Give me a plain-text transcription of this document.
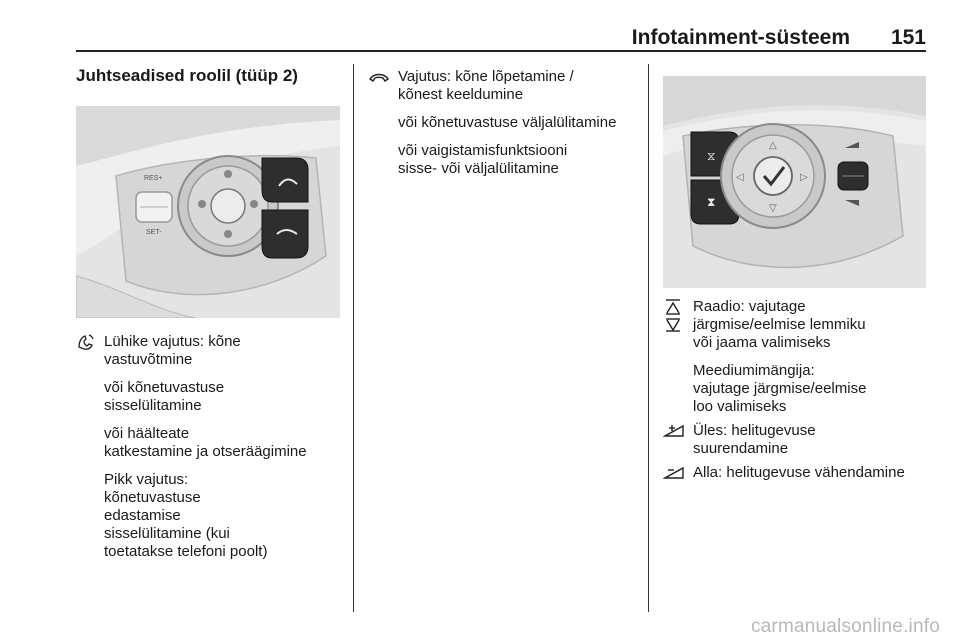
Infotainment-süsteem	151
Juhtseadised roolil (tüüp 2)
RES+
SET-

Lühike vajutus: kõne
vastuvõtmine

või kõnetuvastuse
sisselülitamine

või häälteate
katkestamine ja otseräägimine

Pikk vajutus:
kõnetuvastuse
edastamise
sisselülitamine (kui
toetatakse telefoni poolt)

Vajutus: kõne lõpetamine /
kõnest keeldumine

või kõnetuvastuse väljalülitamine

või vaigistamisfunktsiooni
sisse- või väljalülitamine

⧖
⧗
△
▽
◁	▷

Raadio: vajutage
järgmise/eelmise lemmiku
või jaama valimiseks

Meediumimängija:
vajutage järgmise/eelmise
loo valimiseks

Üles: helitugevuse
suurendamine

Alla: helitugevuse vähendamine

carmanualsonline.info
